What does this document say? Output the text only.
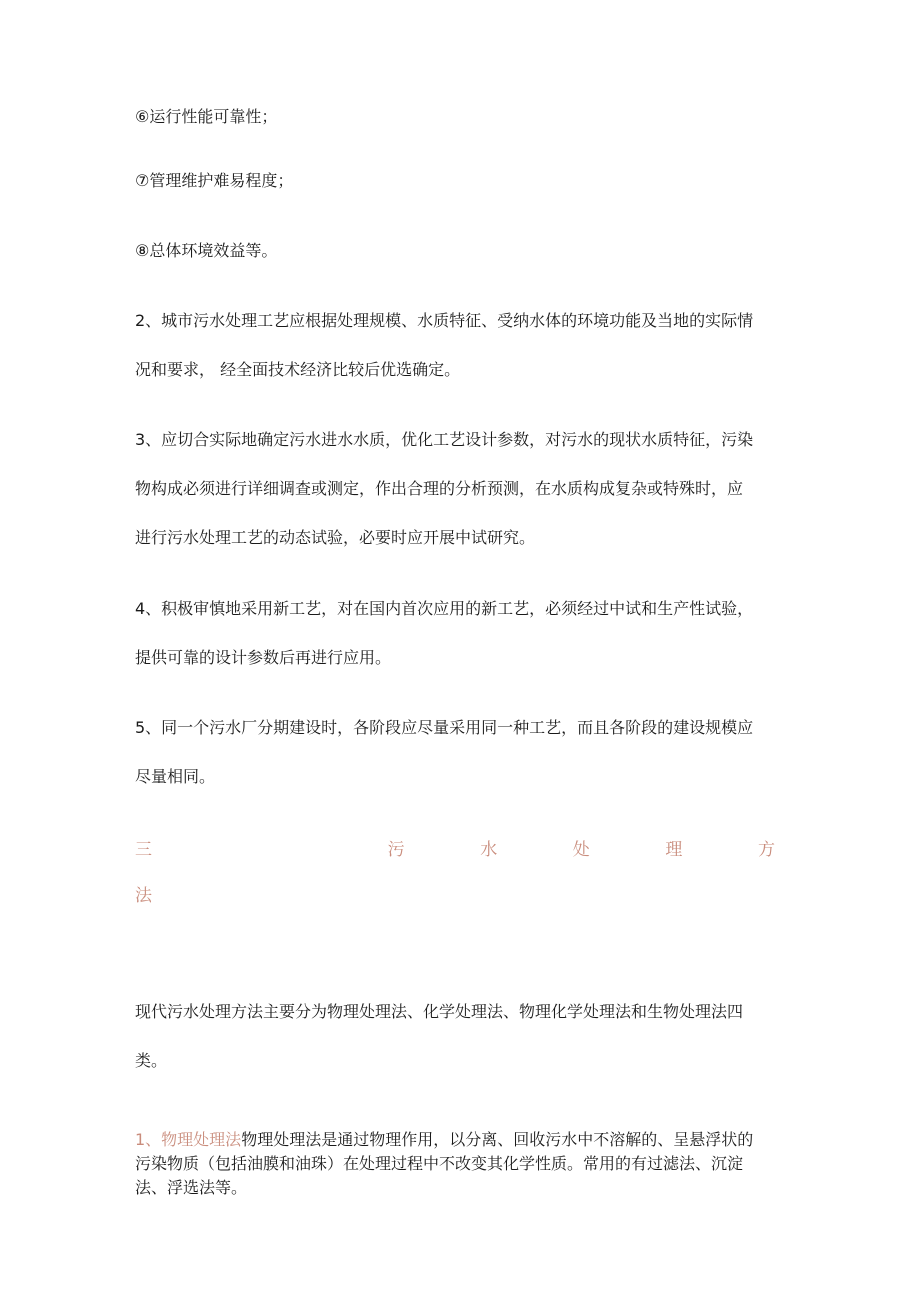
⑥运行性能可靠性；

⑦管理维护难易程度；

⑧总体环境效益等。

2、城市污水处理工艺应根据处理规模、水质特征、受纳水体的环境功能及当地的实际情
况和要求， 经全面技术经济比较后优选确定。
3、应切合实际地确定污水进水水质，优化工艺设计参数，对污水的现状水质特征，污染
物构成必须进行详细调查或测定，作出合理的分析预测，在水质构成复杂或特殊时，应
进行污水处理工艺的动态试验，必要时应开展中试研究。
4、积极审慎地采用新工艺，对在国内首次应用的新工艺，必须经过中试和生产性试验，
提供可靠的设计参数后再进行应用。
5、同一个污水厂分期建设时，各阶段应尽量采用同一种工艺，而且各阶段的建设规模应
尽量相同。
三	污	水	处	理	方
法
现代污水处理方法主要分为物理处理法、化学处理法、物理化学处理法和生物处理法四
类。
1、物理处理法物理处理法是通过物理作用，以分离、回收污水中不溶解的、呈悬浮状的
污染物质（包括油膜和油珠）在处理过程中不改变其化学性质。常用的有过滤法、沉淀
法、浮选法等。
